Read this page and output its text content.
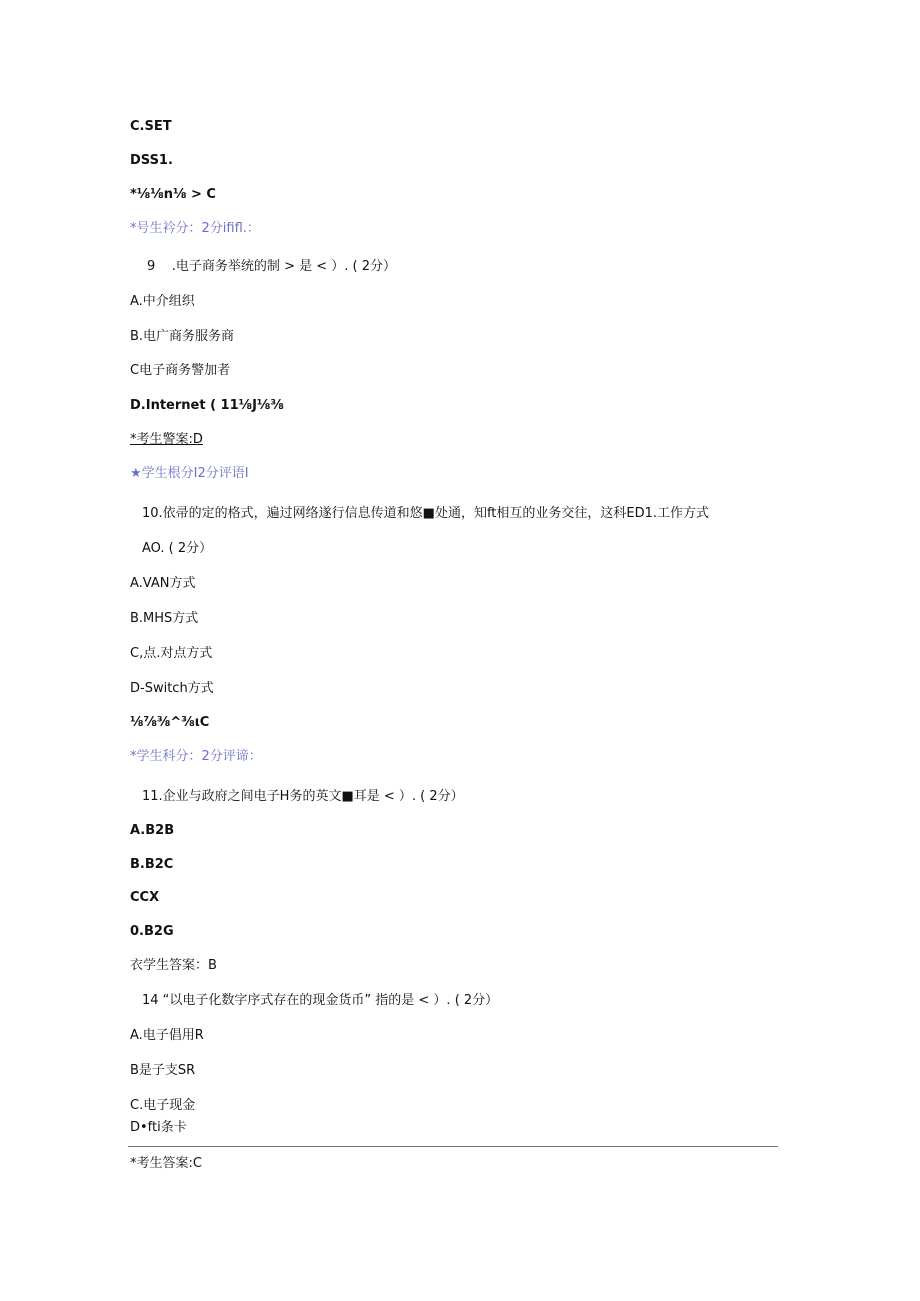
C.SET
DSS1.
*⅛⅛n⅛ > C
*号生衿分：2分ififl.：
9    .电子商务举统的制 > 是 < ）. ( 2分）
A.中介组织
B.电广商务服务商
C电子商务警加者
D.Internet ( 11⅛J⅛⅜
*考生警案:D
★学生根分I2分评语I
10.依帚的定的格式，遍过网络遂行信息传道和悠■处通，知ft相互的业务交往，这科ED1.工作方式
AO. ( 2分）
A.VAN方式
B.MHS方式
C,点.对点方式
D-Switch方式
⅛⅞⅜^⅜ιC
*学生科分：2分评谛：
11.企业与政府之间电子H务的英文■耳是 < ）. ( 2分）
A.B2B
B.B2C
CCX
0.B2G
衣学生答案：B
14 “以电子化数字序式存在的现金货币” 指的是 < ）. ( 2分）
A.电子倡用R
B是子支SR
C.电子现金
D•fti条卡
*考生答案:C
